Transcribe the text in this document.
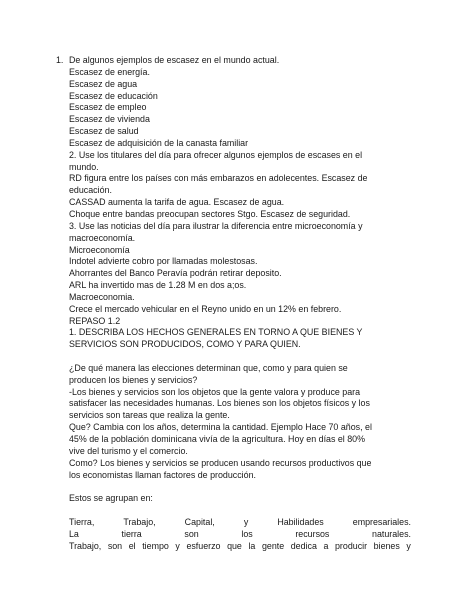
1. De algunos ejemplos de escasez en el mundo actual.
Escasez de energía.
Escasez de agua
Escasez de educación
Escasez de empleo
Escasez de vivienda
Escasez de salud
Escasez de adquisición de la canasta familiar
2. Use los titulares del día para ofrecer algunos ejemplos de escases en el
mundo.
RD figura entre los países con más embarazos en adolecentes. Escasez de
educación.
CASSAD aumenta la tarifa de agua. Escasez de agua.
Choque entre bandas preocupan sectores Stgo. Escasez de seguridad.
3. Use las noticias del día para ilustrar la diferencia entre microeconomía y
macroeconomía.
Microeconomía
Indotel advierte cobro por llamadas molestosas.
Ahorrantes del Banco Peravía podrán retirar deposito.
ARL ha invertido mas de 1.28 M en dos a;os.
Macroeconomia.
Crece el mercado vehicular en el Reyno unido en un 12% en febrero.
REPASO 1.2
1. DESCRIBA LOS HECHOS GENERALES EN TORNO A QUE BIENES Y
SERVICIOS SON PRODUCIDOS, COMO Y PARA QUIEN.
¿De qué manera las elecciones determinan que, como y para quien se
producen los bienes y servicios?
-Los bienes y servicios son los objetos que la gente valora y produce para
satisfacer las necesidades humanas. Los bienes son los objetos físicos y los
servicios son tareas que realiza la gente.
Que? Cambia con los años, determina la cantidad. Ejemplo Hace 70 años, el
45% de la población dominicana vivía de la agricultura. Hoy en días el 80%
vive del turismo y el comercio.
Como? Los bienes y servicios se producen usando recursos productivos que
los economistas llaman factores de producción.
Estos se agrupan en:
Tierra,	Trabajo,	Capital,	y	Habilidades	empresariales.
La	tierra	son	los	recursos	naturales.
Trabajo, son el tiempo y esfuerzo que la gente dedica a producir bienes y
